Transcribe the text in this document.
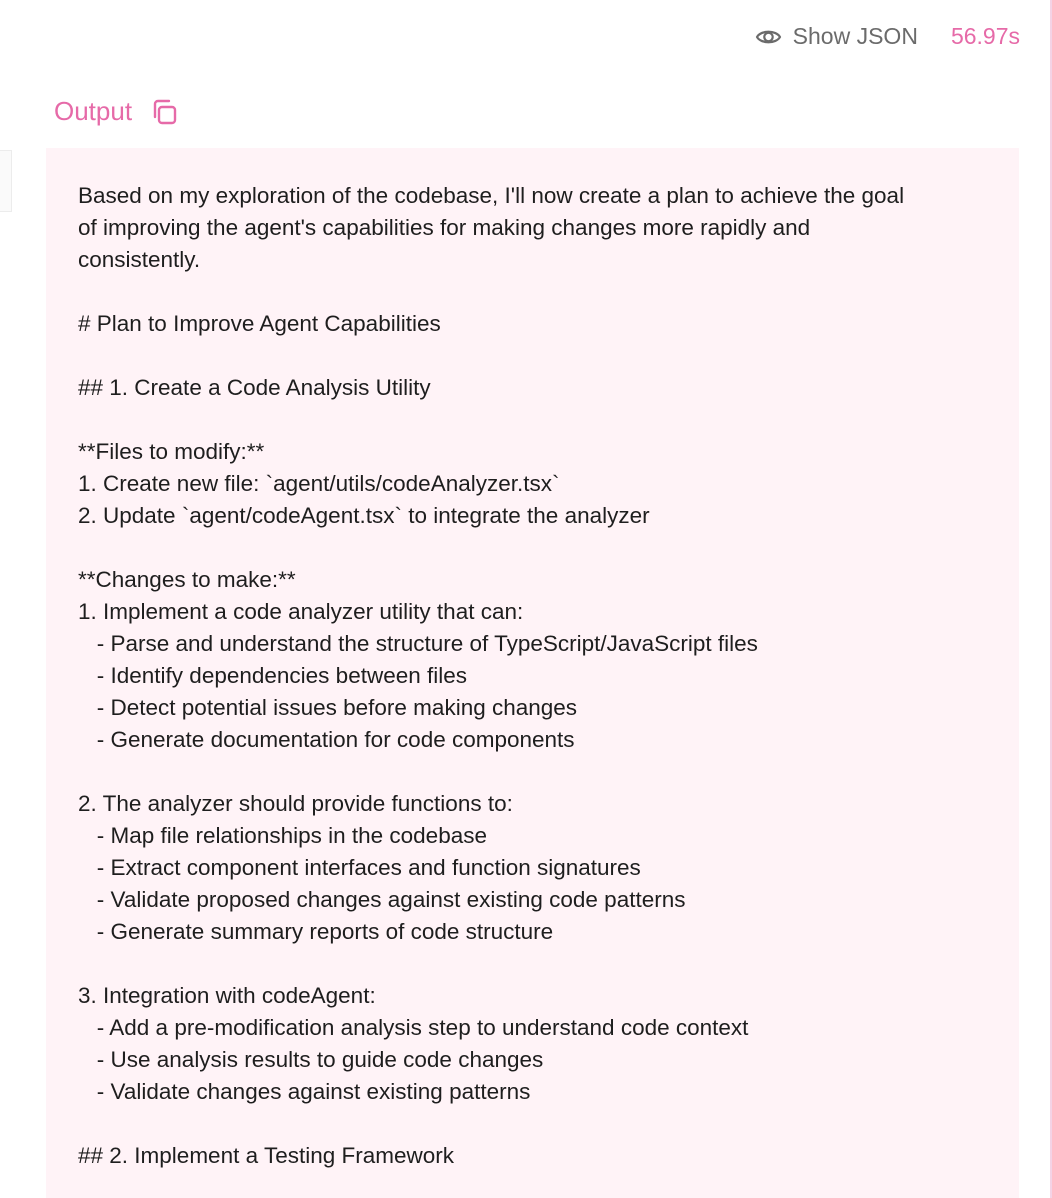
Show JSON 56.97s
Output
Based on my exploration of the codebase, I'll now create a plan to achieve the goal
of improving the agent's capabilities for making changes more rapidly and
consistently.

# Plan to Improve Agent Capabilities

## 1. Create a Code Analysis Utility

**Files to modify:**
1. Create new file: `agent/utils/codeAnalyzer.tsx`
2. Update `agent/codeAgent.tsx` to integrate the analyzer

**Changes to make:**
1. Implement a code analyzer utility that can:
- Parse and understand the structure of TypeScript/JavaScript files
- Identify dependencies between files
- Detect potential issues before making changes
- Generate documentation for code components

2. The analyzer should provide functions to:
- Map file relationships in the codebase
- Extract component interfaces and function signatures
- Validate proposed changes against existing code patterns
- Generate summary reports of code structure

3. Integration with codeAgent:
- Add a pre-modification analysis step to understand code context
- Use analysis results to guide code changes
- Validate changes against existing patterns

## 2. Implement a Testing Framework
